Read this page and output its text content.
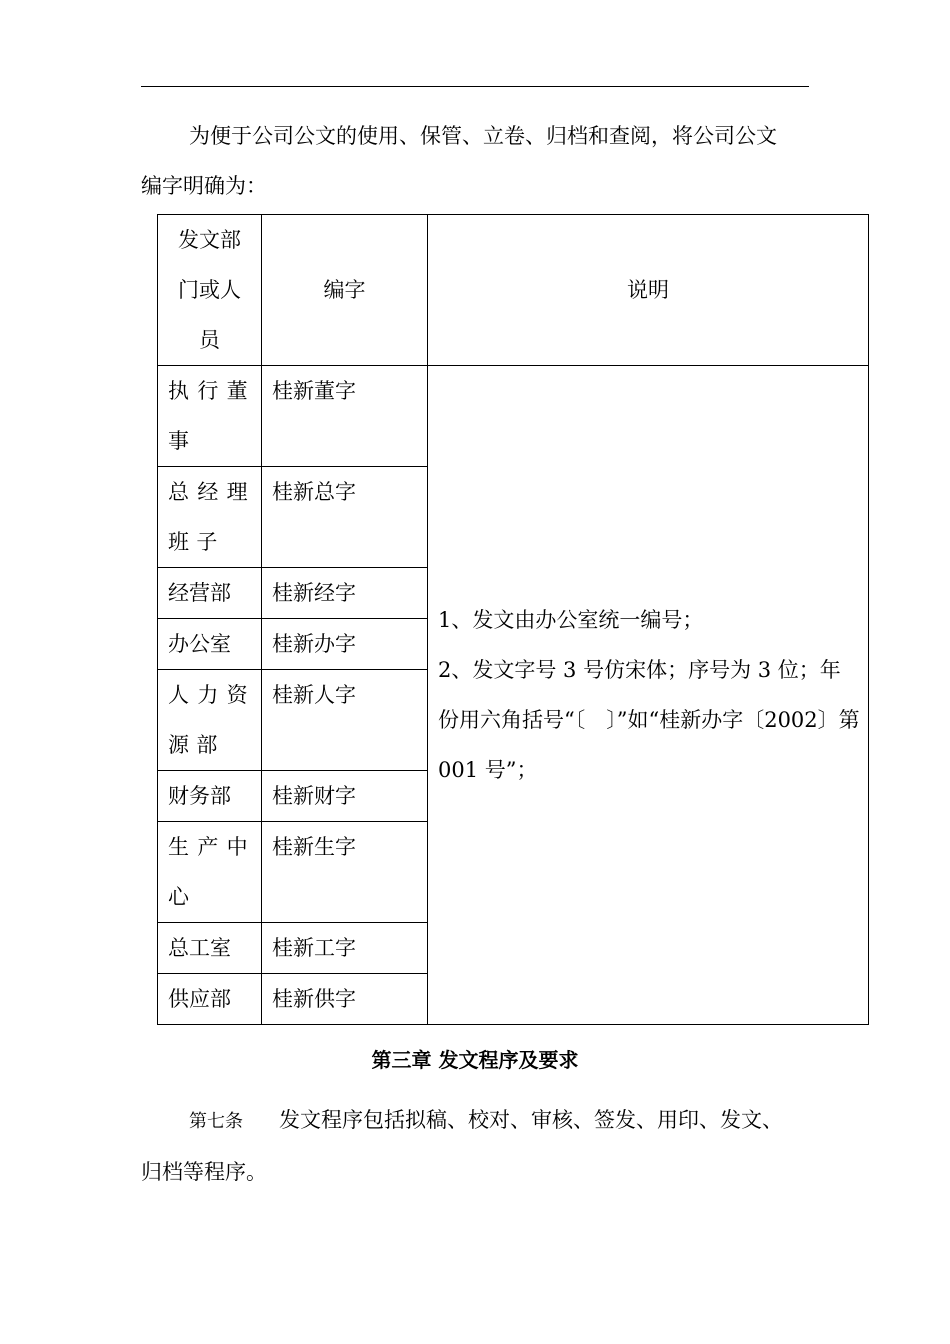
为便于公司公文的使用、保管、立卷、归档和查阅，将公司公文
编字明确为：
发文部门或人员	编字	说明
执行董事	桂新董字	1、发文由办公室统一编号；
2、发文字号 3 号仿宋体；序号为 3 位；年份用六角括号“〔　〕”如“桂新办字〔2002〕第 001 号”；

总经理班子	桂新总字	
经营部	桂新经字	
办公室	桂新办字	
人力资源部	桂新人字	
财务部	桂新财字	
生产中心	桂新生字	
总工室	桂新工字	
供应部	桂新供字	
第三章 发文程序及要求
第七条 发文程序包括拟稿、校对、审核、签发、用印、发文、
归档等程序。
